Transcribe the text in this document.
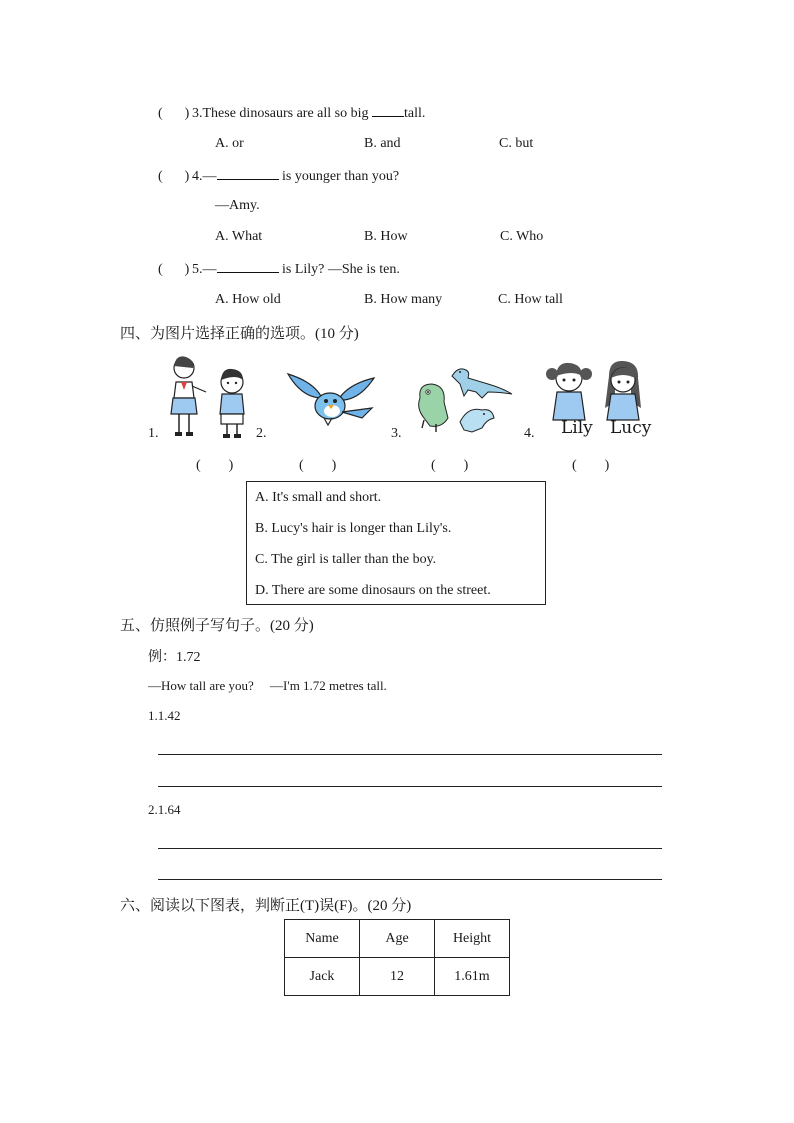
( ) 3.These dinosaurs are all so big tall.
A. or	B. and	C. but
( ) 4.—	is younger than you?
—Amy.
A. What	B. How	C. Who
( ) 5.—	is Lily? —She is ten.
A. How old	B. How many	C. How tall
四、为图片选择正确的选项。(10 分)
1.	2.	3.	4. Lily Lucy
(        )	(        )	(        )	(        )
A. It's small and short.
B. Lucy's hair is longer than Lily's.
C. The girl is taller than the boy.
D. There are some dinosaurs on the street.
五、仿照例子写句子。(20 分)
例：1.72
—How tall are you?     —I'm 1.72 metres tall.
1.1.42
2.1.64
六、阅读以下图表，判断正(T)误(F)。(20 分)
Name	Age	Height
Jack	12	1.61m
